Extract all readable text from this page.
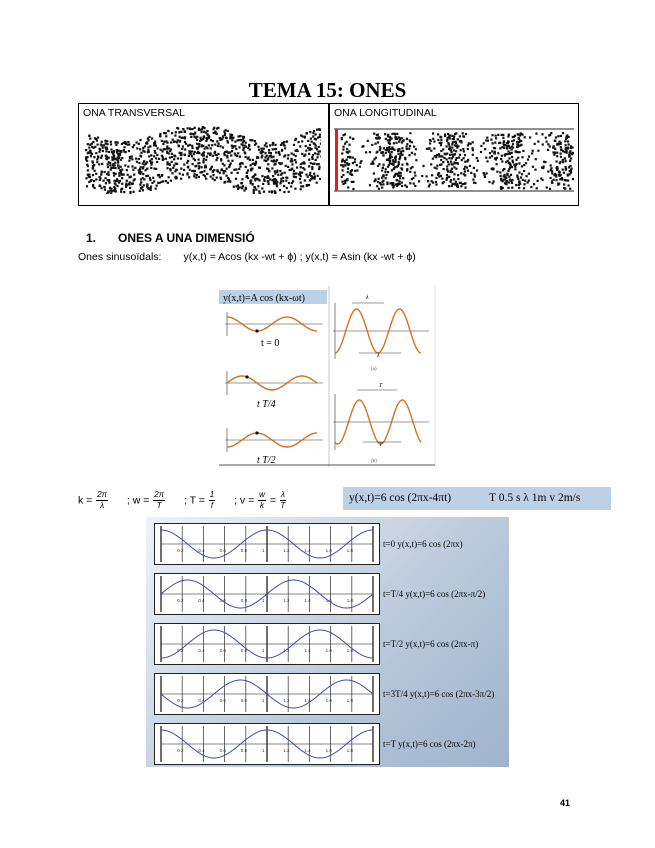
TEMA 15: ONES
ONA TRANSVERSAL	ONA LONGITUDINAL
1. ONES A UNA DIMENSIÓ
Ones sinusoïdals: y(x,t) = Acos (kx -wt + ϕ) ; y(x,t) = Asin (kx -wt + ϕ)
y(x,t)=A cos (kx-ωt)
t = 0
t T/4
t T/2
λ
λ
T
T
(a)
(b)
$k = \frac{2\pi}{\lambda}$ ; $w = \frac{2\pi}{T}$ ; $T = \frac{1}{f}$ ; $v = \frac{w}{k} = \frac{\lambda}{T}$	y(x,t)=6 cos (2πx-4πt)	T 0.5 s λ 1m v 2m/s
0.2	0.4	0.6	0.8	1	1.2	1.4	1.6	1.8
t=0 y(x,t)=6 cos (2πx)
0.2	0.4	0.6	0.8	1	1.2	1.4	1.6	1.8
t=T/4 y(x,t)=6 cos (2πx-π/2)
0.2	0.4	0.6	0.8	1	1.2	1.4	1.6	1.8
t=T/2 y(x,t)=6 cos (2πx-π)
0.2	0.4	0.6	0.8	1	1.2	1.4	1.6	1.8
t=3T/4 y(x,t)=6 cos (2πx-3π/2)
0.2	0.4	0.6	0.8	1	1.2	1.4	1.6	1.8
t=T y(x,t)=6 cos (2πx-2π)
41
